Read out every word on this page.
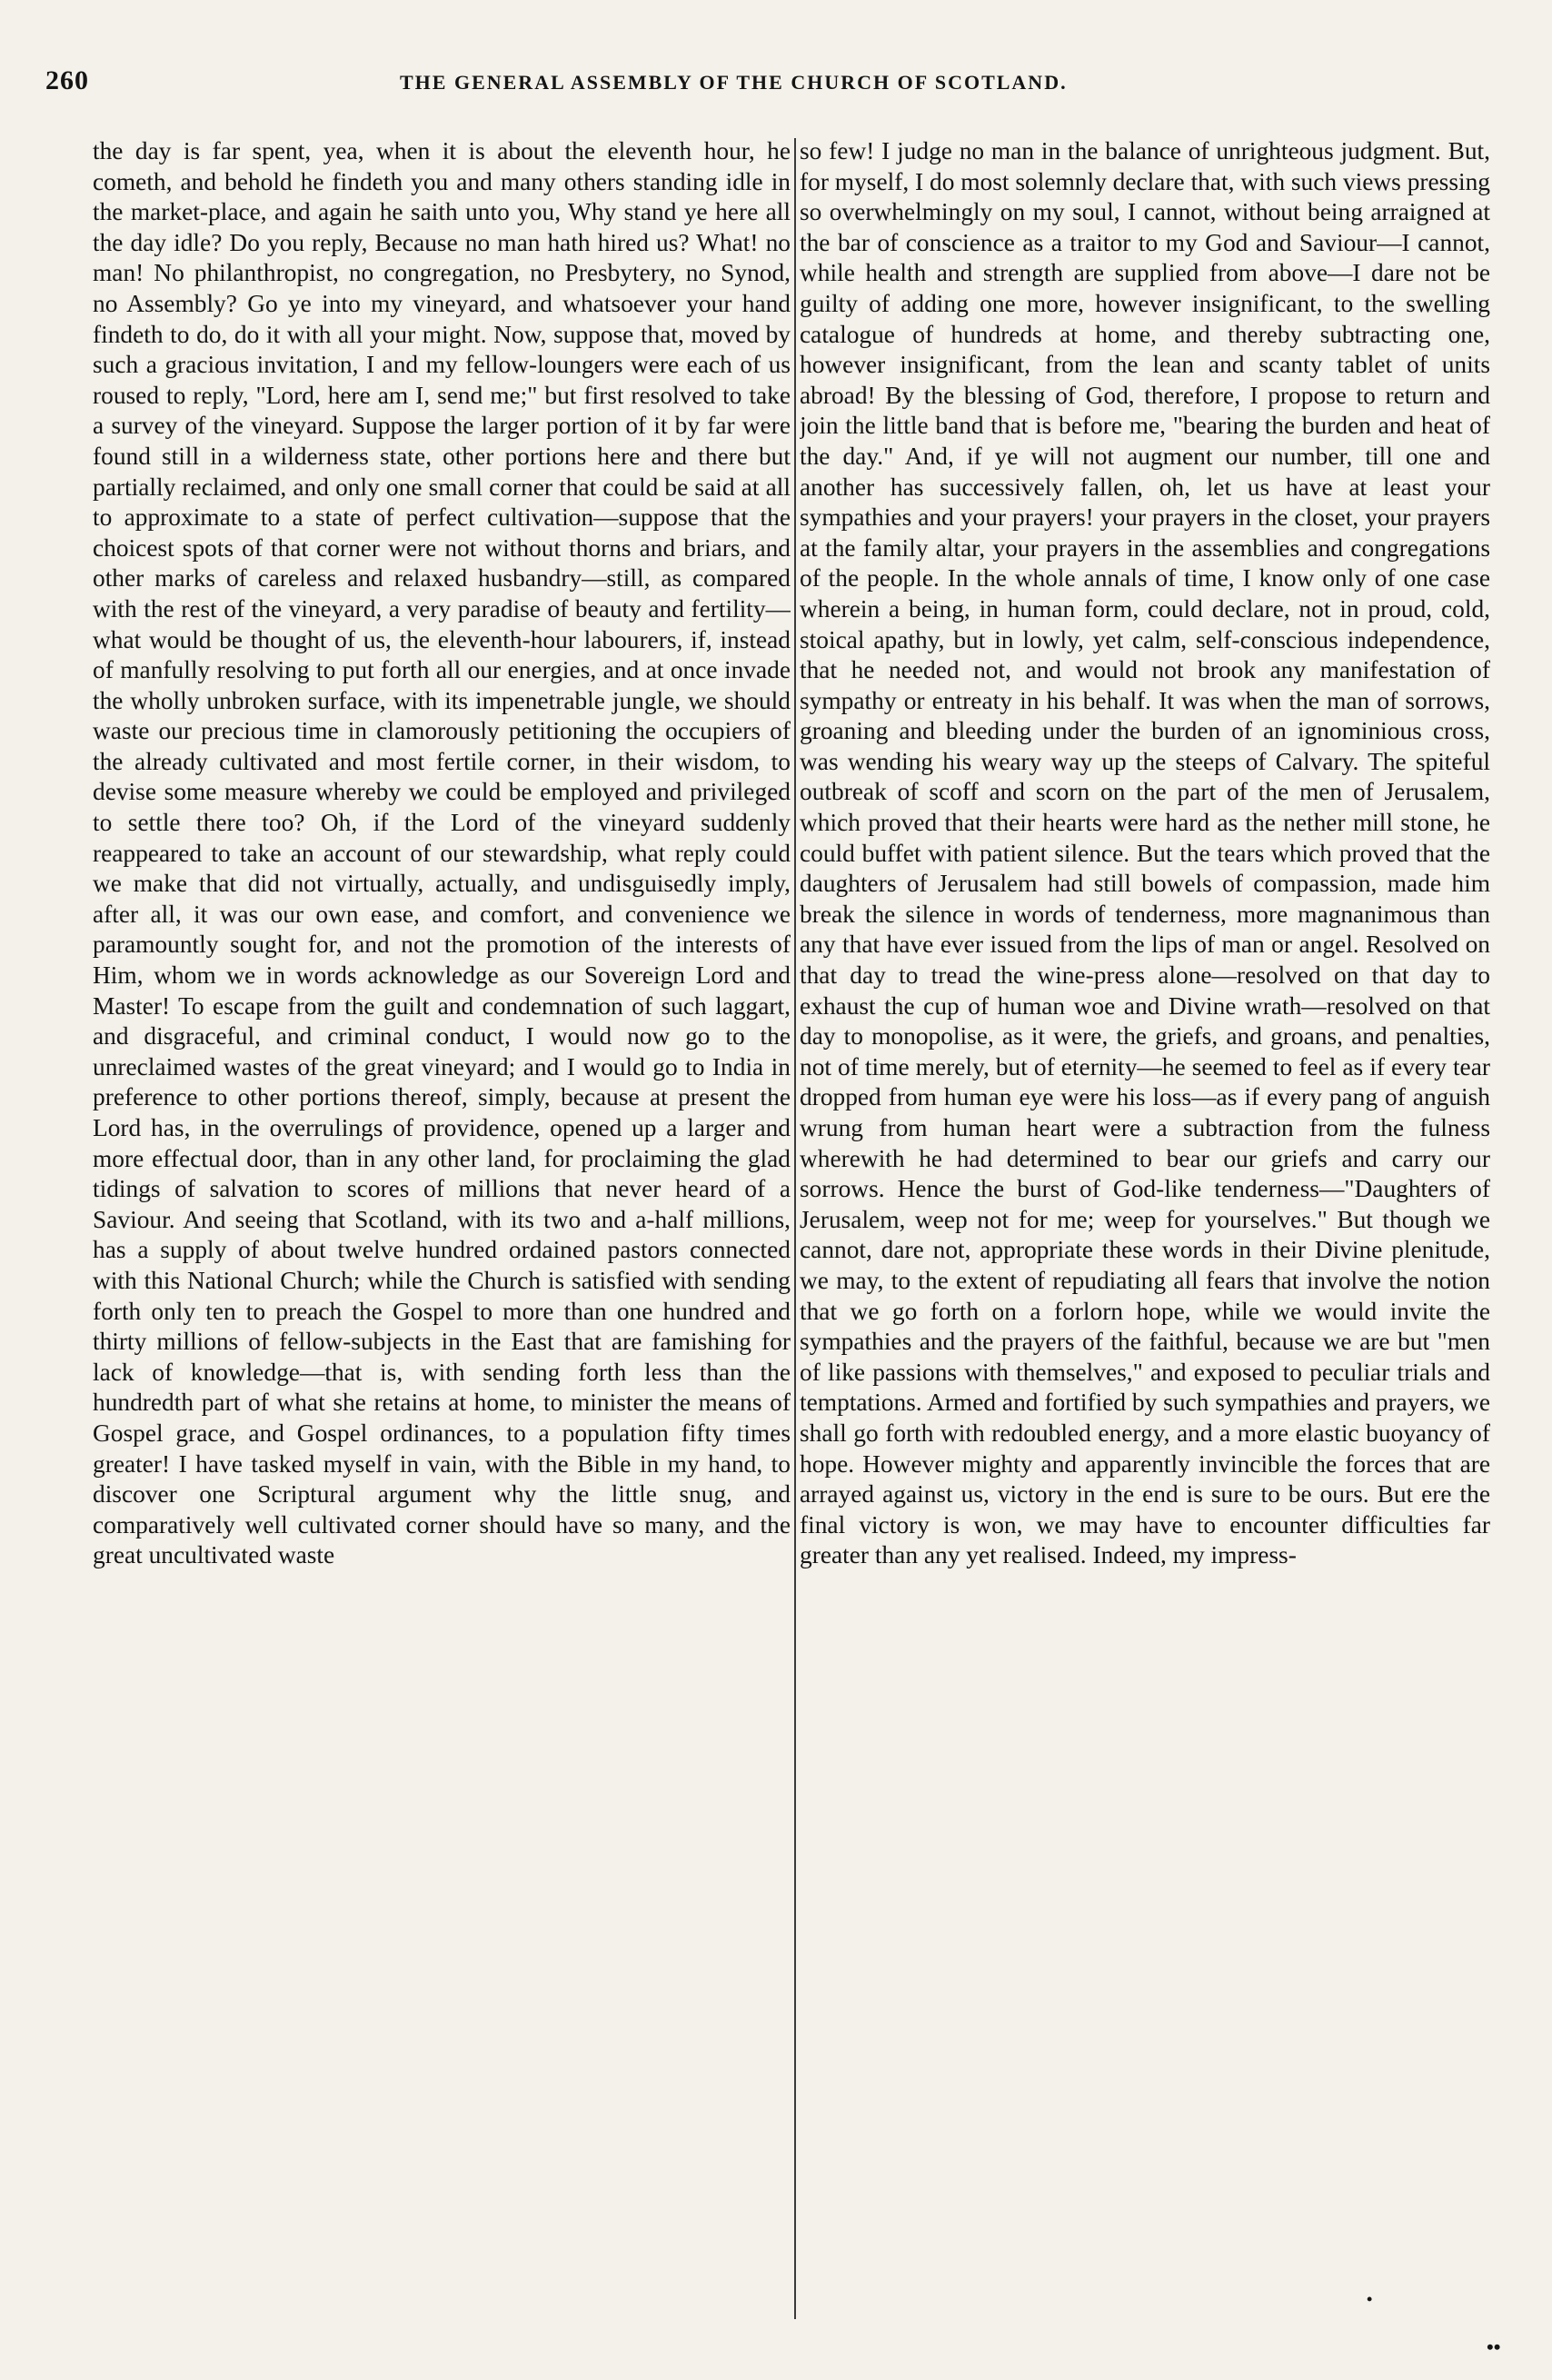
260	THE GENERAL ASSEMBLY OF THE CHURCH OF SCOTLAND.

the day is far spent, yea, when it is about the eleventh hour, he cometh, and behold he findeth you and many others standing idle in the market-place, and again he saith unto you, Why stand ye here all the day idle? Do you reply, Because no man hath hired us? What! no man! No philanthropist, no congregation, no Presbytery, no Synod, no Assembly? Go ye into my vineyard, and whatsoever your hand findeth to do, do it with all your might. Now, suppose that, moved by such a gracious invitation, I and my fellow-loungers were each of us roused to reply, "Lord, here am I, send me;" but first resolved to take a survey of the vineyard. Suppose the larger portion of it by far were found still in a wilderness state, other portions here and there but partially reclaimed, and only one small corner that could be said at all to approximate to a state of perfect cultivation—suppose that the choicest spots of that corner were not without thorns and briars, and other marks of careless and relaxed husbandry—still, as compared with the rest of the vineyard, a very paradise of beauty and fertility—what would be thought of us, the eleventh-hour labourers, if, instead of manfully resolving to put forth all our energies, and at once invade the wholly unbroken surface, with its impenetrable jungle, we should waste our precious time in clamorously petitioning the occupiers of the already cultivated and most fertile corner, in their wisdom, to devise some measure whereby we could be employed and privileged to settle there too? Oh, if the Lord of the vineyard suddenly reappeared to take an account of our stewardship, what reply could we make that did not virtually, actually, and undisguisedly imply, after all, it was our own ease, and comfort, and convenience we paramountly sought for, and not the promotion of the interests of Him, whom we in words acknowledge as our Sovereign Lord and Master! To escape from the guilt and condemnation of such laggart, and disgraceful, and criminal conduct, I would now go to the unreclaimed wastes of the great vineyard; and I would go to India in preference to other portions thereof, simply, because at present the Lord has, in the overrulings of providence, opened up a larger and more effectual door, than in any other land, for proclaiming the glad tidings of salvation to scores of millions that never heard of a Saviour. And seeing that Scotland, with its two and a-half millions, has a supply of about twelve hundred ordained pastors connected with this National Church; while the Church is satisfied with sending forth only ten to preach the Gospel to more than one hundred and thirty millions of fellow-subjects in the East that are famishing for lack of knowledge—that is, with sending forth less than the hundredth part of what she retains at home, to minister the means of Gospel grace, and Gospel ordinances, to a population fifty times greater! I have tasked myself in vain, with the Bible in my hand, to discover one Scriptural argument why the little snug, and comparatively well cultivated corner should have so many, and the great uncultivated waste

so few! I judge no man in the balance of unrighteous judgment. But, for myself, I do most solemnly declare that, with such views pressing so overwhelmingly on my soul, I cannot, without being arraigned at the bar of conscience as a traitor to my God and Saviour—I cannot, while health and strength are supplied from above—I dare not be guilty of adding one more, however insignificant, to the swelling catalogue of hundreds at home, and thereby subtracting one, however insignificant, from the lean and scanty tablet of units abroad! By the blessing of God, therefore, I propose to return and join the little band that is before me, "bearing the burden and heat of the day." And, if ye will not augment our number, till one and another has successively fallen, oh, let us have at least your sympathies and your prayers! your prayers in the closet, your prayers at the family altar, your prayers in the assemblies and congregations of the people. In the whole annals of time, I know only of one case wherein a being, in human form, could declare, not in proud, cold, stoical apathy, but in lowly, yet calm, self-conscious independence, that he needed not, and would not brook any manifestation of sympathy or entreaty in his behalf. It was when the man of sorrows, groaning and bleeding under the burden of an ignominious cross, was wending his weary way up the steeps of Calvary. The spiteful outbreak of scoff and scorn on the part of the men of Jerusalem, which proved that their hearts were hard as the nether mill stone, he could buffet with patient silence. But the tears which proved that the daughters of Jerusalem had still bowels of compassion, made him break the silence in words of tenderness, more magnanimous than any that have ever issued from the lips of man or angel. Resolved on that day to tread the wine-press alone—resolved on that day to exhaust the cup of human woe and Divine wrath—resolved on that day to monopolise, as it were, the griefs, and groans, and penalties, not of time merely, but of eternity—he seemed to feel as if every tear dropped from human eye were his loss—as if every pang of anguish wrung from human heart were a subtraction from the fulness wherewith he had determined to bear our griefs and carry our sorrows. Hence the burst of God-like tenderness—"Daughters of Jerusalem, weep not for me; weep for yourselves." But though we cannot, dare not, appropriate these words in their Divine plenitude, we may, to the extent of repudiating all fears that involve the notion that we go forth on a forlorn hope, while we would invite the sympathies and the prayers of the faithful, because we are but "men of like passions with themselves," and exposed to peculiar trials and temptations. Armed and fortified by such sympathies and prayers, we shall go forth with redoubled energy, and a more elastic buoyancy of hope. However mighty and apparently invincible the forces that are arrayed against us, victory in the end is sure to be ours. But ere the final victory is won, we may have to encounter difficulties far greater than any yet realised. Indeed, my impress-

•
••
